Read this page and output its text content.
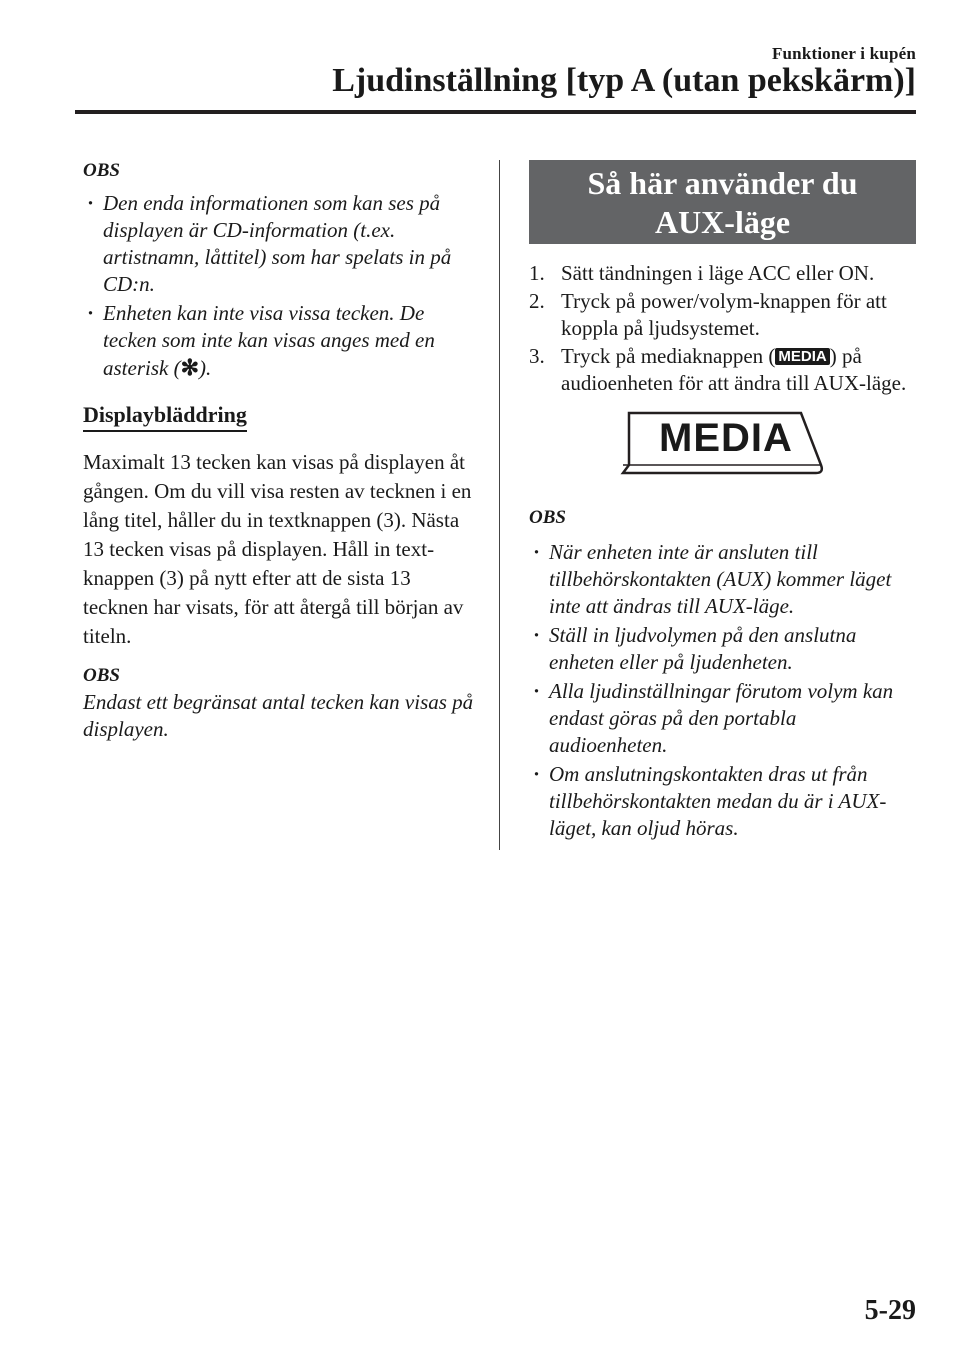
Funktioner i kupén
Ljudinställning [typ A (utan pekskärm)]
OBS
· Den enda informationen som kan ses på displayen är CD-information (t.ex. artistnamn, låttitel) som har spelats in på CD:n.
· Enheten kan inte visa vissa tecken. De tecken som inte kan visas anges med en asterisk (✻).
Displaybläddring

Maximalt 13 tecken kan visas på displayen åt gången. Om du vill visa resten av tecknen i en lång titel, håller du in textknappen (3). Nästa 13 tecken visas på displayen. Håll in text-knappen (3) på nytt efter att de sista 13 tecknen har visats, för att återgå till början av titeln.

OBS

Endast ett begränsat antal tecken kan visas på displayen.

Så här använder du
AUX-läge
1. Sätt tändningen i läge ACC eller ON.
2. Tryck på power/volym-knappen för att koppla på ljudsystemet.
3. Tryck på mediaknappen ( MEDIA ) på audioenheten för att ändra till AUX-läge.
MEDIA
OBS
· När enheten inte är ansluten till tillbehörskontakten (AUX) kommer läget inte att ändras till AUX-läge.
· Ställ in ljudvolymen på den anslutna enheten eller på ljudenheten.
· Alla ljudinställningar förutom volym kan endast göras på den portabla audioenheten.
· Om anslutningskontakten dras ut från tillbehörskontakten medan du är i AUX-läget, kan oljud höras.
5-29
